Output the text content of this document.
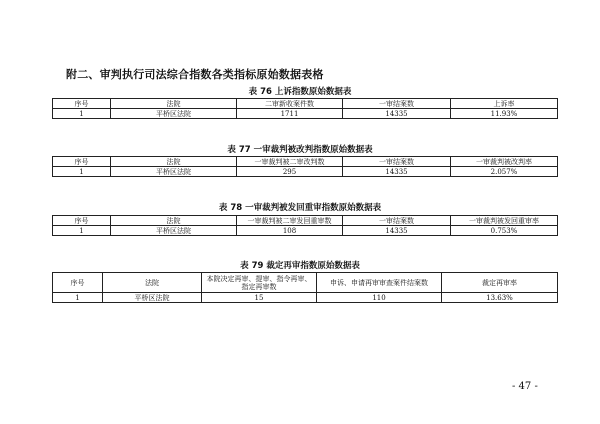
附二、审判执行司法综合指数各类指标原始数据表格
表 76 上诉指数原始数据表
序号	法院	二审新收案件数	一审结案数	上诉率
1	平桥区法院	1711	14335	11.93%
表 77 一审裁判被改判指数原始数据表
序号	法院	一审裁判被二审改判数	一审结案数	一审裁判被改判率
1	平桥区法院	295	14335	2.057%
表 78 一审裁判被发回重审指数原始数据表
序号	法院	一审裁判被二审发回重审数	一审结案数	一审裁判被发回重审率
1	平桥区法院	108	14335	0.753%
表 79 裁定再审指数原始数据表
序号	法院	本院决定再审、提审、指令再审、指定再审数	申诉、申请再审审查案件结案数	裁定再审率
1	平桥区法院	15	110	13.63%
- 47 -
